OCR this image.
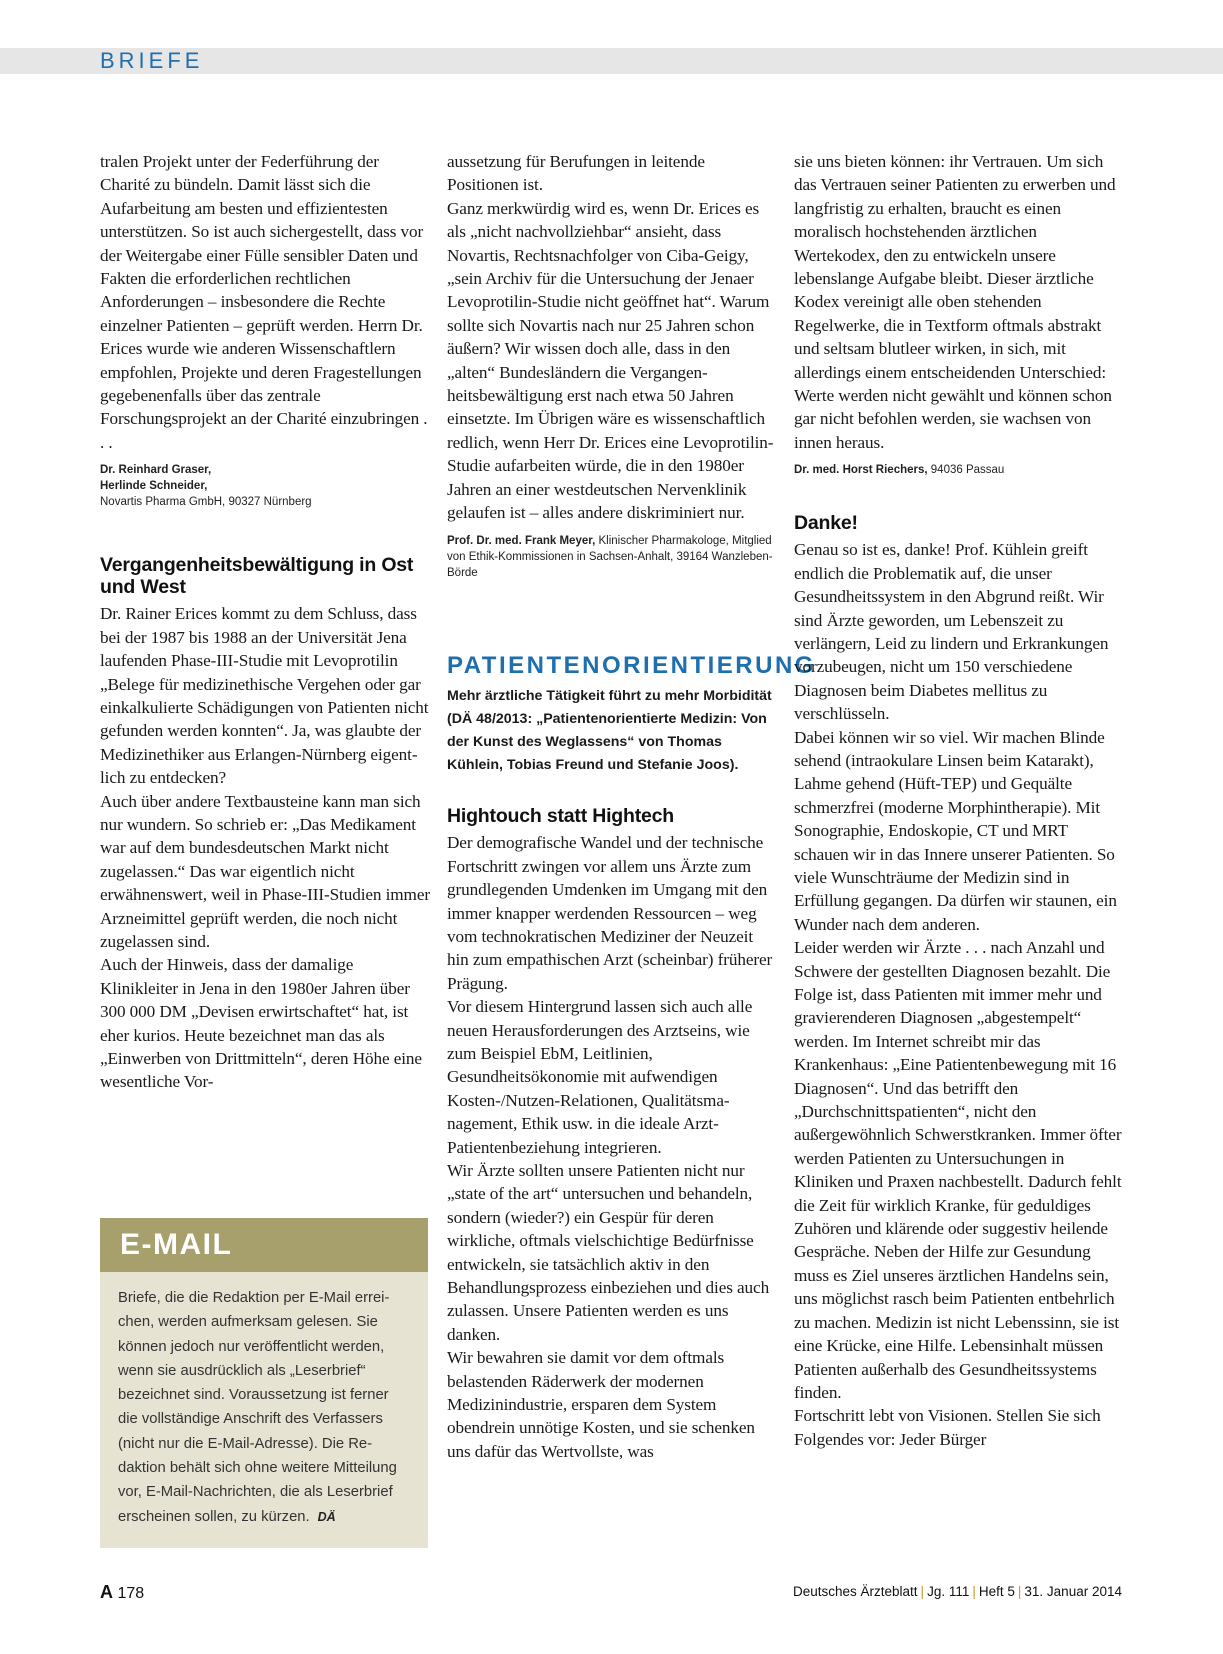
BRIEFE

tralen Projekt unter der Federführung der Charité zu bündeln. Damit lässt sich die Aufarbeitung am besten und effizientesten unterstützen. So ist auch sichergestellt, dass vor der Weitergabe einer Fülle sensibler Daten und Fakten die erforderlichen rechtlichen Anforderungen – insbesondere die Rechte einzelner Patienten – geprüft werden. Herrn Dr. Erices wurde wie anderen Wissenschaftlern empfohlen, Projekte und deren Fragestellungen gegebenenfalls über das zentrale Forschungsprojekt an der Charité einzubringen . . .

Dr. Reinhard Graser,
Herlinde Schneider,
Novartis Pharma GmbH, 90327 Nürnberg
Vergangenheitsbewältigung in Ost und West

Dr. Rainer Erices kommt zu dem Schluss, dass bei der 1987 bis 1988 an der Universität Jena laufenden Phase-III-Studie mit Levoprotilin „Belege für medizinethische Vergehen oder gar einkalkulierte Schädigungen von Patienten nicht gefunden werden konnten“. Ja, was glaubte der Medizinethiker aus Erlangen-Nürnberg eigentlich zu entdecken?

Auch über andere Textbausteine kann man sich nur wundern. So schrieb er: „Das Medikament war auf dem bundesdeutschen Markt nicht zugelassen.“ Das war eigentlich nicht erwähnenswert, weil in Phase-III-Studien immer Arzneimittel geprüft werden, die noch nicht zugelassen sind.

Auch der Hinweis, dass der damalige Klinikleiter in Jena in den 1980er Jahren über 300 000 DM „Devisen erwirtschaftet“ hat, ist eher kurios. Heute bezeichnet man das als „Einwerben von Drittmitteln“, deren Höhe eine wesentliche Vor-

E-MAIL

Briefe, die die Redaktion per E-Mail erreichen, werden aufmerksam gelesen. Sie können jedoch nur veröffentlicht werden, wenn sie ausdrücklich als „Leserbrief“ bezeichnet sind. Voraussetzung ist ferner die vollständige Anschrift des Verfassers (nicht nur die E-Mail-Adresse). Die Redaktion behält sich ohne weitere Mitteilung vor, E-Mail-Nachrichten, die als Leserbrief erscheinen sollen, zu kürzen. DÄ

aussetzung für Berufungen in leitende Positionen ist.

Ganz merkwürdig wird es, wenn Dr. Erices es als „nicht nachvollziehbar“ ansieht, dass Novartis, Rechtsnachfolger von Ciba-Geigy, „sein Archiv für die Untersuchung der Jenaer Levoprotilin-Studie nicht geöffnet hat“. Warum sollte sich Novartis nach nur 25 Jahren schon äußern? Wir wissen doch alle, dass in den „alten“ Bundesländern die Vergangenheitsbewältigung erst nach etwa 50 Jahren einsetzte. Im Übrigen wäre es wissenschaftlich redlich, wenn Herr Dr. Erices eine Levoprotilin-Studie aufarbeiten würde, die in den 1980er Jahren an einer westdeutschen Nervenklinik gelaufen ist – alles andere diskriminiert nur.

Prof. Dr. med. Frank Meyer, Klinischer Pharmakologe, Mitglied von Ethik-Kommissionen in Sachsen-Anhalt, 39164 Wanzleben-Börde
PATIENTENORIENTIERUNG

Mehr ärztliche Tätigkeit führt zu mehr Morbidität (DÄ 48/2013: „Patientenorientierte Medizin: Von der Kunst des Weglassens“ von Thomas Kühlein, Tobias Freund und Stefanie Joos).

Hightouch statt Hightech

Der demografische Wandel und der technische Fortschritt zwingen vor allem uns Ärzte zum grundlegenden Umdenken im Umgang mit den immer knapper werdenden Ressourcen – weg vom technokratischen Mediziner der Neuzeit hin zum empathischen Arzt (scheinbar) früherer Prägung.

Vor diesem Hintergrund lassen sich auch alle neuen Herausforderungen des Arztseins, wie zum Beispiel EbM, Leitlinien, Gesundheitsökonomie mit aufwendigen Kosten-/Nutzen-Relationen, Qualitätsmanagement, Ethik usw. in die ideale Arzt-Patientenbeziehung integrieren.

Wir Ärzte sollten unsere Patienten nicht nur „state of the art“ untersuchen und behandeln, sondern (wieder?) ein Gespür für deren wirkliche, oftmals vielschichtige Bedürfnisse entwickeln, sie tatsächlich aktiv in den Behandlungsprozess einbeziehen und dies auch zulassen. Unsere Patienten werden es uns danken.

Wir bewahren sie damit vor dem oftmals belastenden Räderwerk der modernen Medizinindustrie, ersparen dem System obendrein unnötige Kosten, und sie schenken uns dafür das Wertvollste, was

sie uns bieten können: ihr Vertrauen. Um sich das Vertrauen seiner Patienten zu erwerben und langfristig zu erhalten, braucht es einen moralisch hochstehenden ärztlichen Wertekodex, den zu entwickeln unsere lebenslange Aufgabe bleibt. Dieser ärztliche Kodex vereinigt alle oben stehenden Regelwerke, die in Textform oftmals abstrakt und seltsam blutleer wirken, in sich, mit allerdings einem entscheidenden Unterschied: Werte werden nicht gewählt und können schon gar nicht befohlen werden, sie wachsen von innen heraus.

Dr. med. Horst Riechers, 94036 Passau
Danke!

Genau so ist es, danke! Prof. Kühlein greift endlich die Problematik auf, die unser Gesundheitssystem in den Abgrund reißt. Wir sind Ärzte geworden, um Lebenszeit zu verlängern, Leid zu lindern und Erkrankungen vorzubeugen, nicht um 150 verschiedene Diagnosen beim Diabetes mellitus zu verschlüsseln.

Dabei können wir so viel. Wir machen Blinde sehend (intraokulare Linsen beim Katarakt), Lahme gehend (Hüft-TEP) und Gequälte schmerzfrei (moderne Morphintherapie). Mit Sonographie, Endoskopie, CT und MRT schauen wir in das Innere unserer Patienten. So viele Wunschträume der Medizin sind in Erfüllung gegangen. Da dürfen wir staunen, ein Wunder nach dem anderen.

Leider werden wir Ärzte . . . nach Anzahl und Schwere der gestellten Diagnosen bezahlt. Die Folge ist, dass Patienten mit immer mehr und gravierenderen Diagnosen „abgestempelt“ werden. Im Internet schreibt mir das Krankenhaus: „Eine Patientenbewegung mit 16 Diagnosen“. Und das betrifft den „Durchschnittspatienten“, nicht den außergewöhnlich Schwerstkranken. Immer öfter werden Patienten zu Untersuchungen in Kliniken und Praxen nachbestellt. Dadurch fehlt die Zeit für wirklich Kranke, für geduldiges Zuhören und klärende oder suggestiv heilende Gespräche. Neben der Hilfe zur Gesundung muss es Ziel unseres ärztlichen Handelns sein, uns möglichst rasch beim Patienten entbehrlich zu machen. Medizin ist nicht Lebenssinn, sie ist eine Krücke, eine Hilfe. Lebensinhalt müssen Patienten außerhalb des Gesundheitssystems finden.

Fortschritt lebt von Visionen. Stellen Sie sich Folgendes vor: Jeder Bürger

A 178	Deutsches Ärzteblatt | Jg. 111 | Heft 5 | 31. Januar 2014
